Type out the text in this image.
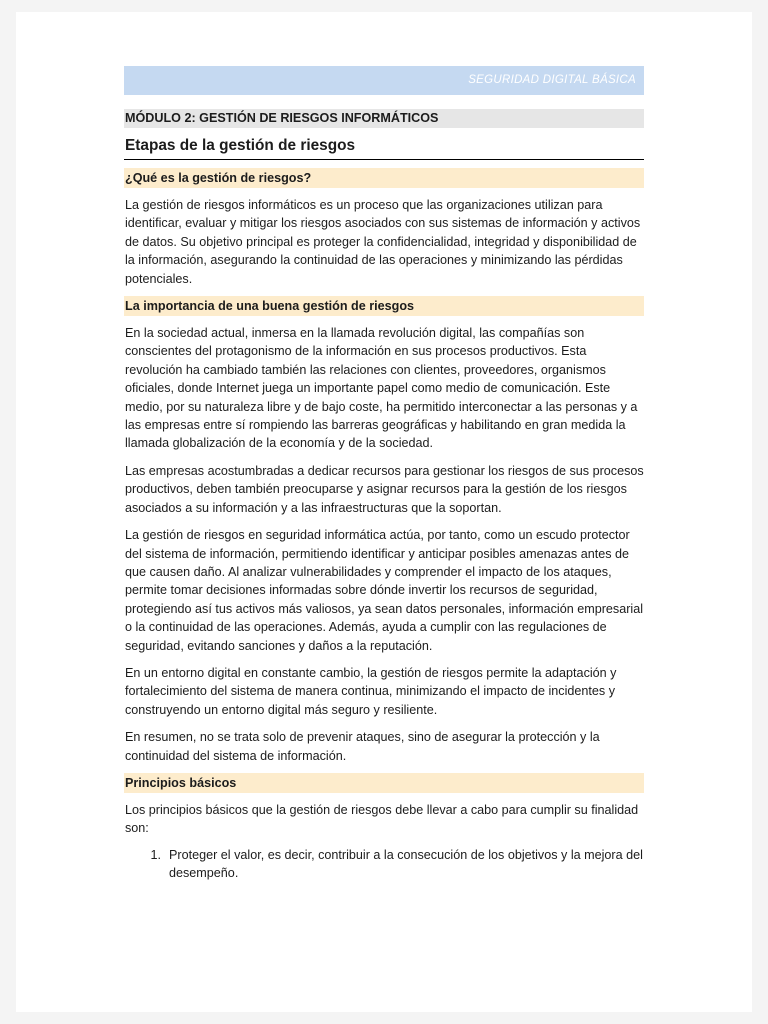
SEGURIDAD DIGITAL BÁSICA
MÓDULO 2: GESTIÓN DE RIESGOS INFORMÁTICOS
Etapas de la gestión de riesgos
¿Qué es la gestión de riesgos?

La gestión de riesgos informáticos es un proceso que las organizaciones utilizan para identificar, evaluar y mitigar los riesgos asociados con sus sistemas de información y activos de datos. Su objetivo principal es proteger la confidencialidad, integridad y disponibilidad de la información, asegurando la continuidad de las operaciones y minimizando las pérdidas potenciales.

La importancia de una buena gestión de riesgos

En la sociedad actual, inmersa en la llamada revolución digital, las compañías son conscientes del protagonismo de la información en sus procesos productivos. Esta revolución ha cambiado también las relaciones con clientes, proveedores, organismos oficiales, donde Internet juega un importante papel como medio de comunicación. Este medio, por su naturaleza libre y de bajo coste, ha permitido interconectar a las personas y a las empresas entre sí rompiendo las barreras geográficas y habilitando en gran medida la llamada globalización de la economía y de la sociedad.

Las empresas acostumbradas a dedicar recursos para gestionar los riesgos de sus procesos productivos, deben también preocuparse y asignar recursos para la gestión de los riesgos asociados a su información y a las infraestructuras que la soportan.

La gestión de riesgos en seguridad informática actúa, por tanto, como un escudo protector del sistema de información, permitiendo identificar y anticipar posibles amenazas antes de que causen daño. Al analizar vulnerabilidades y comprender el impacto de los ataques, permite tomar decisiones informadas sobre dónde invertir los recursos de seguridad, protegiendo así tus activos más valiosos, ya sean datos personales, información empresarial o la continuidad de las operaciones. Además, ayuda a cumplir con las regulaciones de seguridad, evitando sanciones y daños a la reputación.

En un entorno digital en constante cambio, la gestión de riesgos permite la adaptación y fortalecimiento del sistema de manera continua, minimizando el impacto de incidentes y construyendo un entorno digital más seguro y resiliente.

En resumen, no se trata solo de prevenir ataques, sino de asegurar la protección y la continuidad del sistema de información.

Principios básicos

Los principios básicos que la gestión de riesgos debe llevar a cabo para cumplir su finalidad son:

1. Proteger el valor, es decir, contribuir a la consecución de los objetivos y la mejora del desempeño.
